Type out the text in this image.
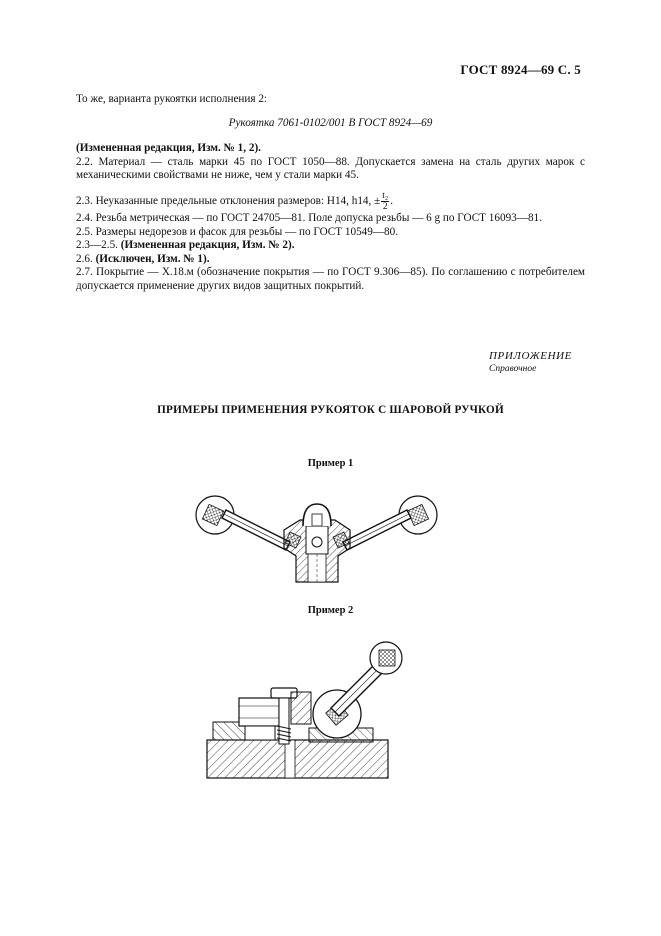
ГОСТ 8924—69 С. 5

То же, варианта рукоятки исполнения 2:

Рукоятка 7061-0102/001 В ГОСТ 8924—69

(Измененная редакция, Изм. № 1, 2).

2.2. Материал — сталь марки 45 по ГОСТ 1050—88. Допускается замена на сталь других марок с механическими свойствами не ниже, чем у стали марки 45.

2.3. Неуказанные предельные отклонения размеров: H14, h14, ± $\frac{\text{t₂}}{2}$ .

2.4. Резьба метрическая — по ГОСТ 24705—81. Поле допуска резьбы — 6 g по ГОСТ 16093—81.

2.5. Размеры недорезов и фасок для резьбы — по ГОСТ 10549—80.

2.3—2.5. (Измененная редакция, Изм. № 2).

2.6. (Исключен, Изм. № 1).

2.7. Покрытие — Х.18.м (обозначение покрытия — по ГОСТ 9.306—85). По соглашению с потребителем допускается применение других видов защитных покрытий.

ПРИЛОЖЕНИЕ
Справочное
ПРИМЕРЫ ПРИМЕНЕНИЯ РУКОЯТОК С ШАРОВОЙ РУЧКОЙ
Пример 1
Пример 2
